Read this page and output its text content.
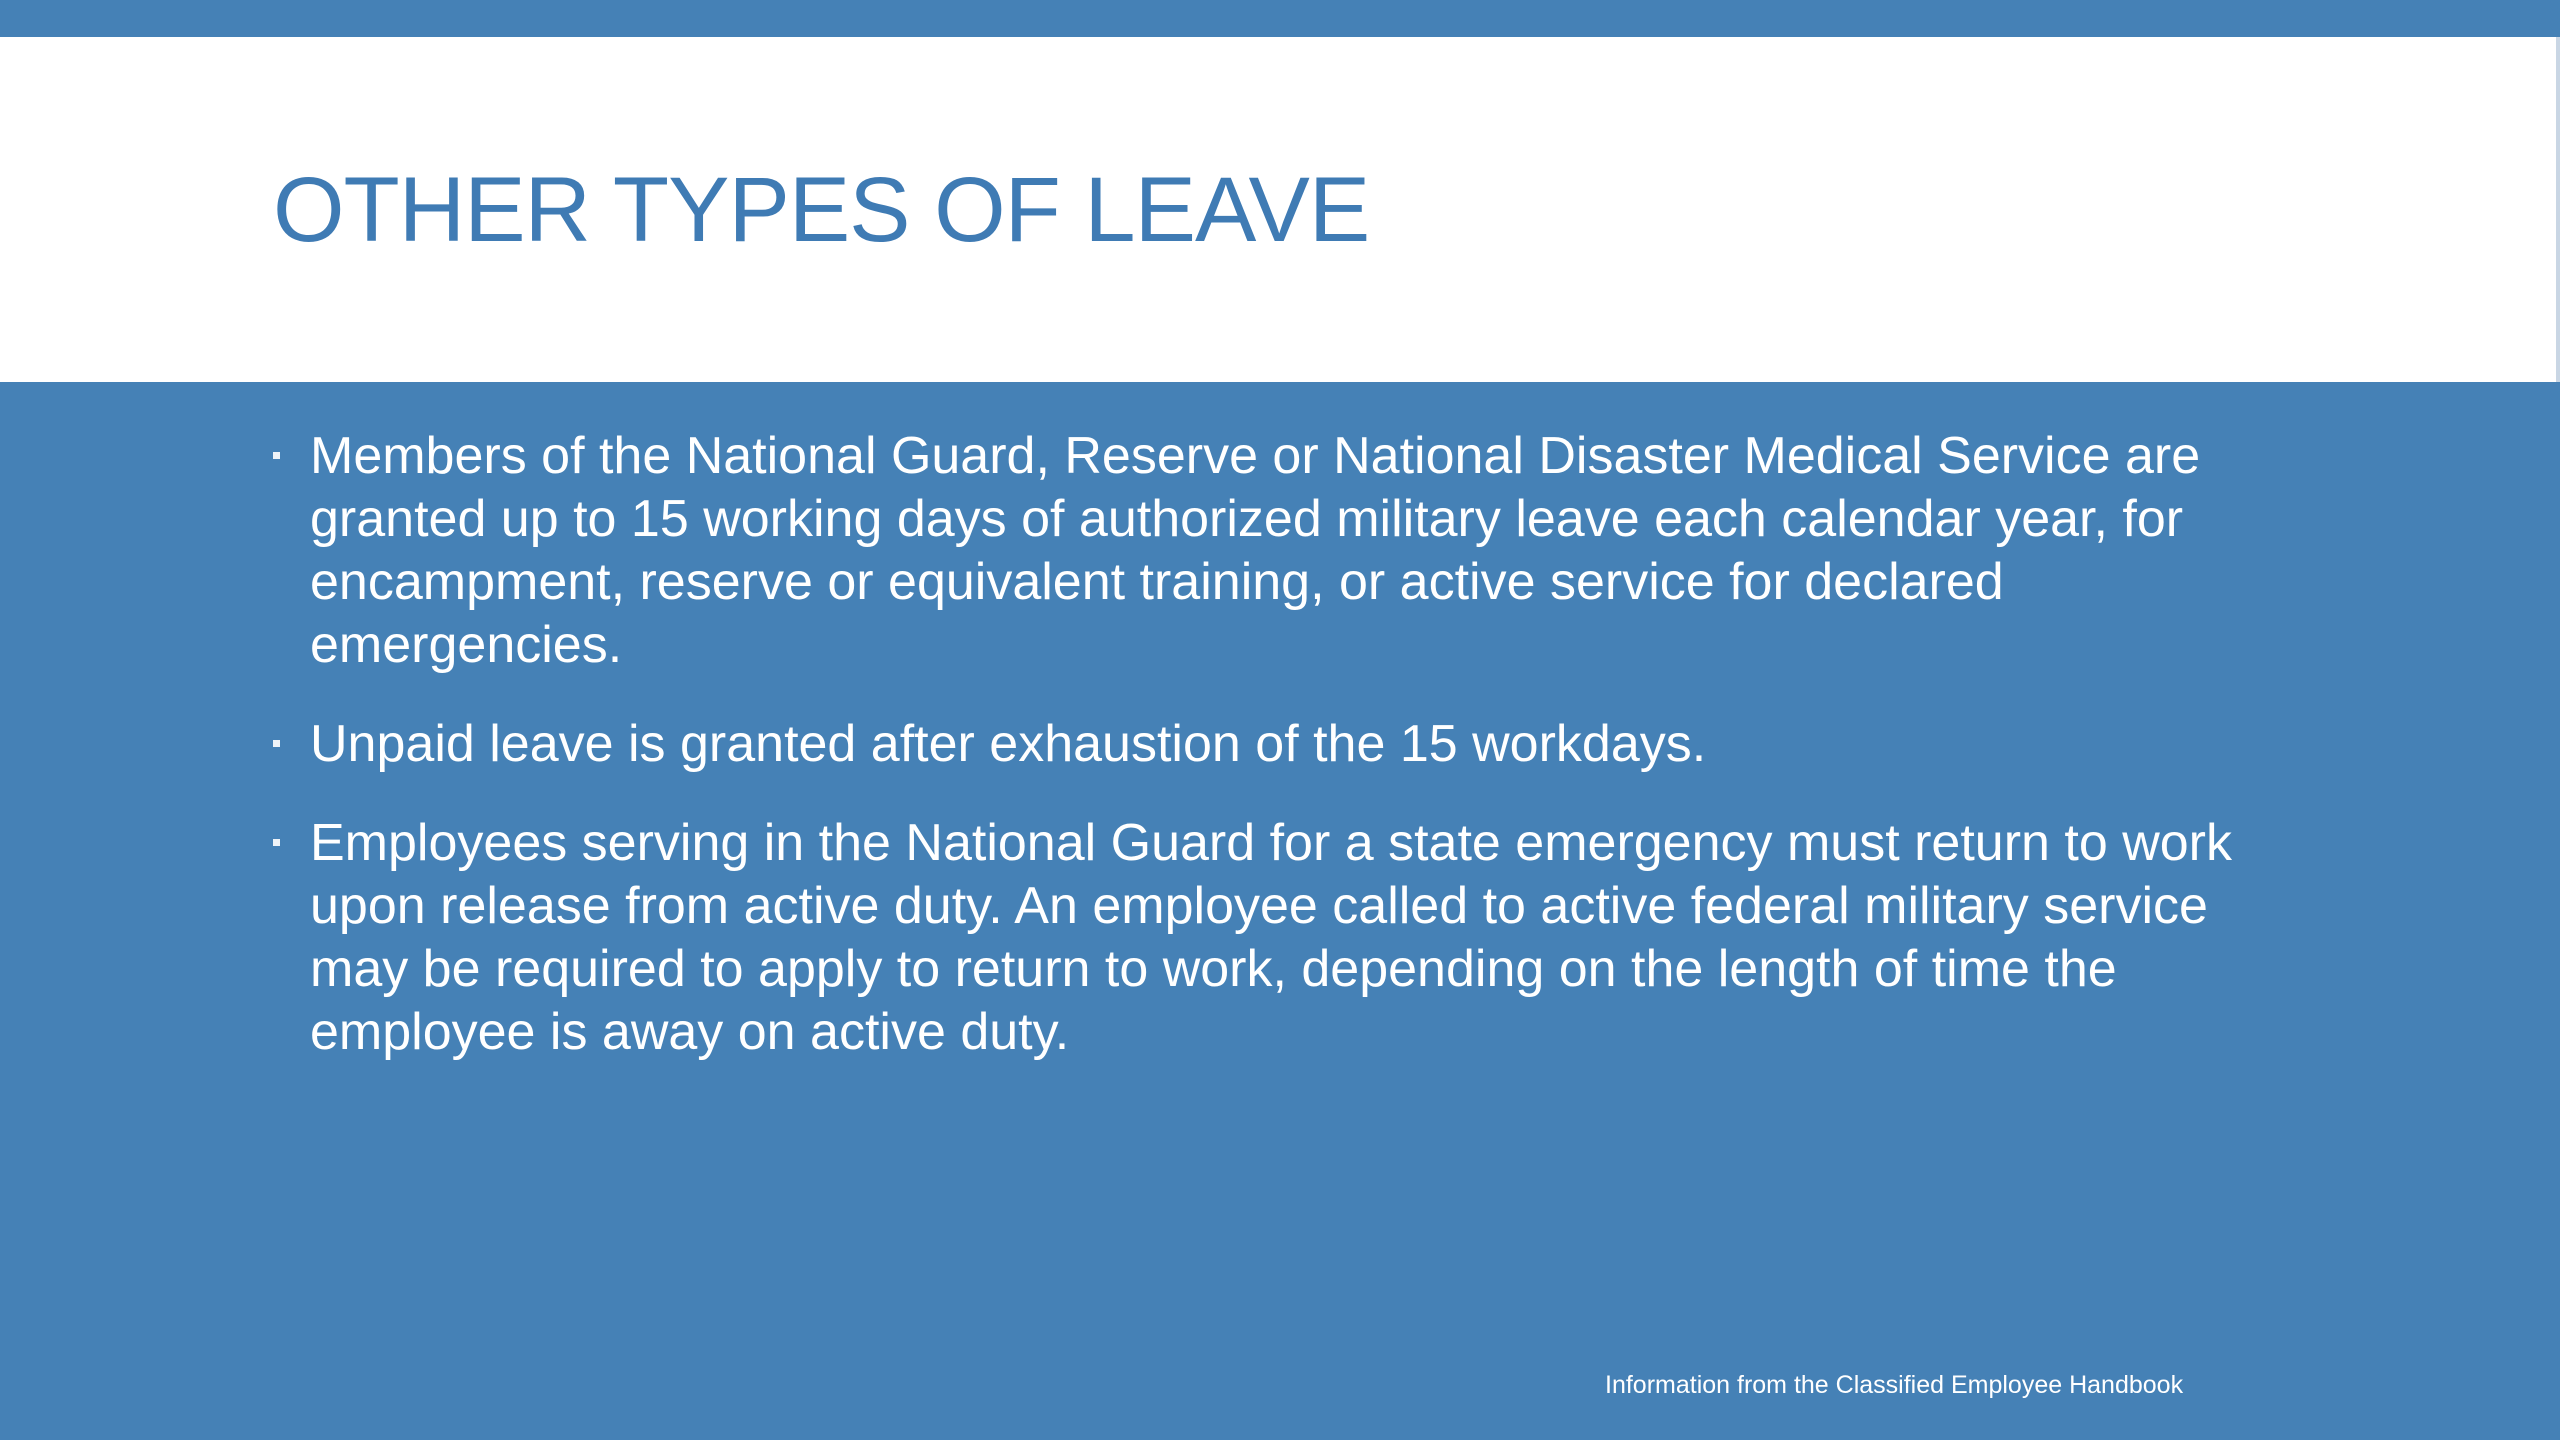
OTHER TYPES OF LEAVE
Members of the National Guard, Reserve or National Disaster Medical Service are granted up to 15 working days of authorized military leave each calendar year, for encampment, reserve or equivalent training, or active service for declared emergencies.
Unpaid leave is granted after exhaustion of the 15 workdays.
Employees serving in the National Guard for a state emergency must return to work upon release from active duty. An employee called to active federal military service may be required to apply to return to work, depending on the length of time the employee is away on active duty.

Information from the Classified Employee Handbook
